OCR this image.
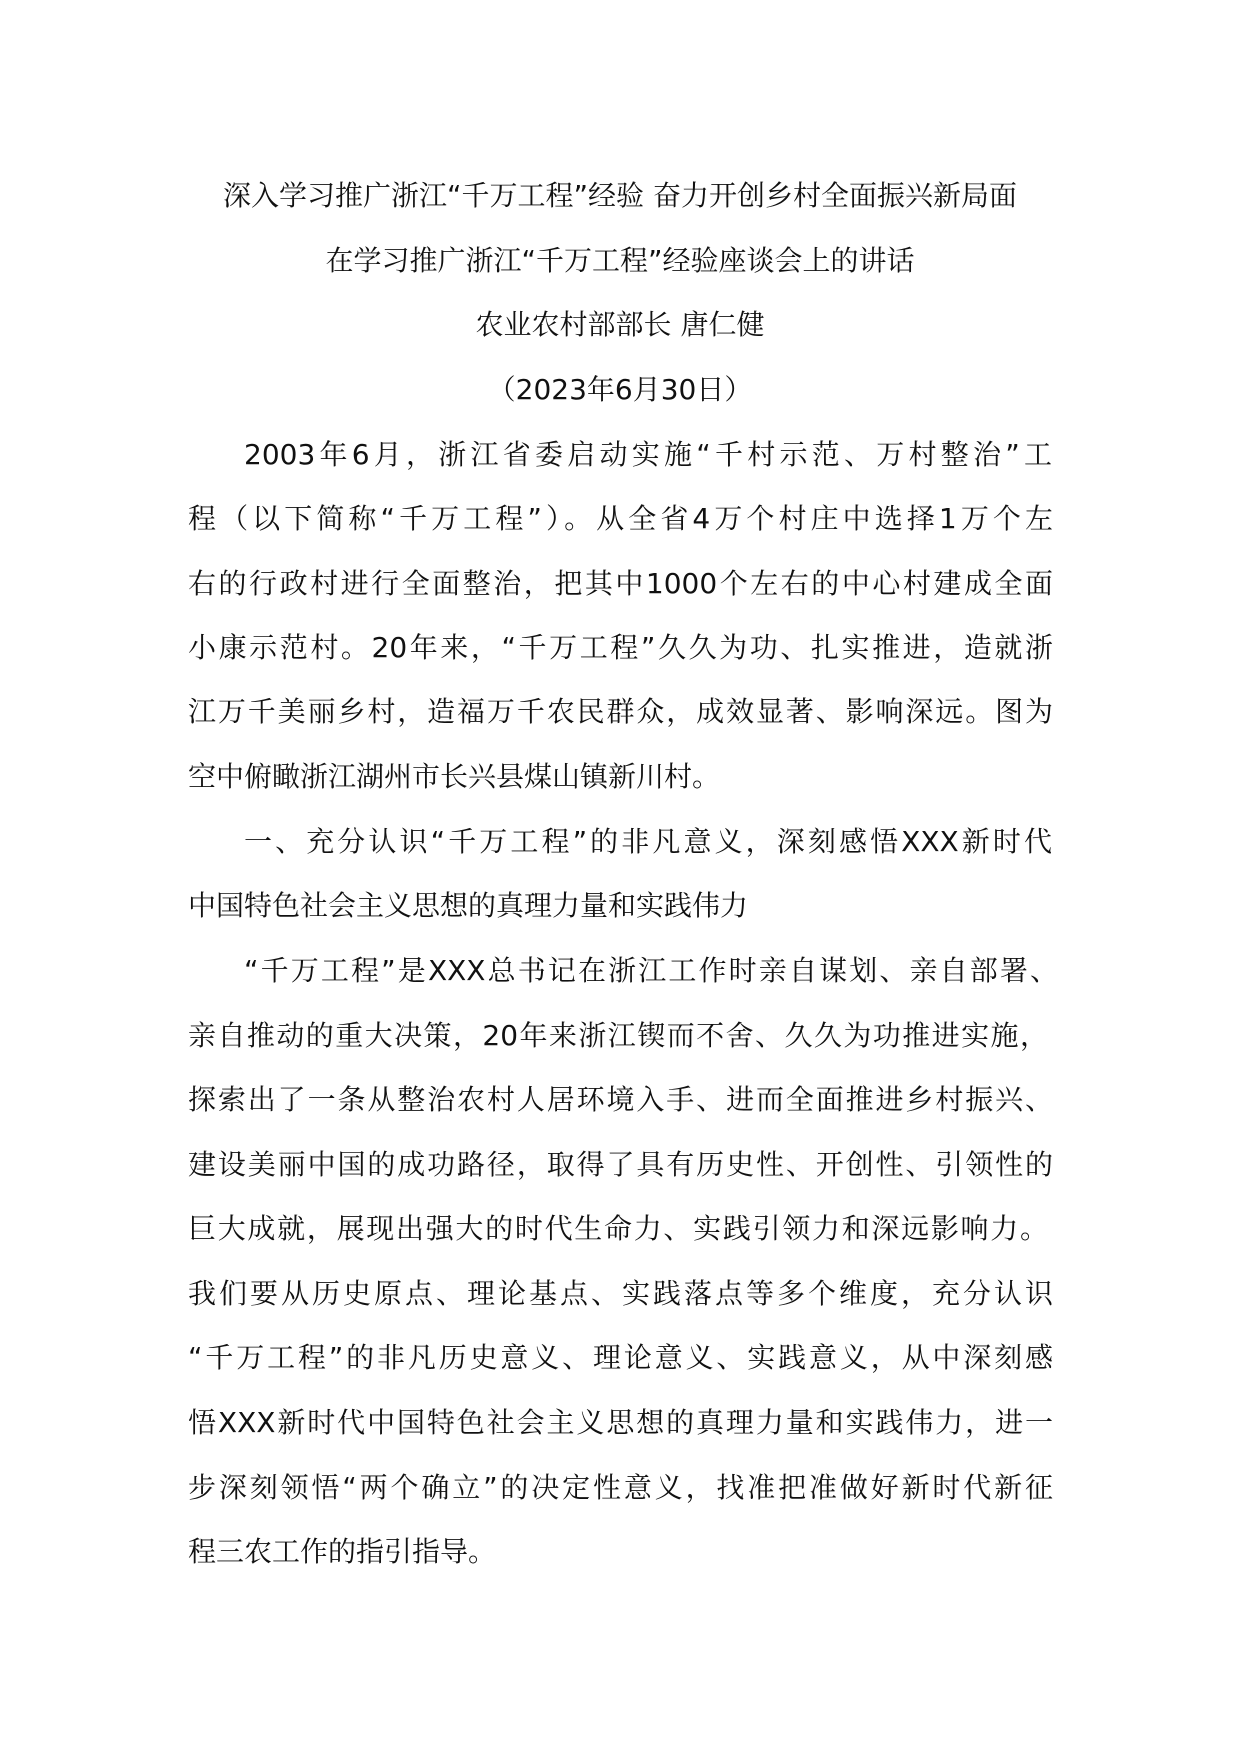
深入学习推广浙江“千万工程”经验 奋力开创乡村全面振兴新局面
在学习推广浙江“千万工程”经验座谈会上的讲话
农业农村部部长 唐仁健
（2023年6月30日）
2003年6月，浙江省委启动实施“千村示范、万村整治”工
程（以下简称“千万工程”）。从全省4万个村庄中选择1万个左
右的行政村进行全面整治，把其中1000个左右的中心村建成全面
小康示范村。20年来，“千万工程”久久为功、扎实推进，造就浙
江万千美丽乡村，造福万千农民群众，成效显著、影响深远。图为
空中俯瞰浙江湖州市长兴县煤山镇新川村。
一、充分认识“千万工程”的非凡意义，深刻感悟XXX新时代
中国特色社会主义思想的真理力量和实践伟力
“千万工程”是XXX总书记在浙江工作时亲自谋划、亲自部署、
亲自推动的重大决策，20年来浙江锲而不舍、久久为功推进实施，
探索出了一条从整治农村人居环境入手、进而全面推进乡村振兴、
建设美丽中国的成功路径，取得了具有历史性、开创性、引领性的
巨大成就，展现出强大的时代生命力、实践引领力和深远影响力。
我们要从历史原点、理论基点、实践落点等多个维度，充分认识
“千万工程”的非凡历史意义、理论意义、实践意义，从中深刻感
悟XXX新时代中国特色社会主义思想的真理力量和实践伟力，进一
步深刻领悟“两个确立”的决定性意义，找准把准做好新时代新征
程三农工作的指引指导。
